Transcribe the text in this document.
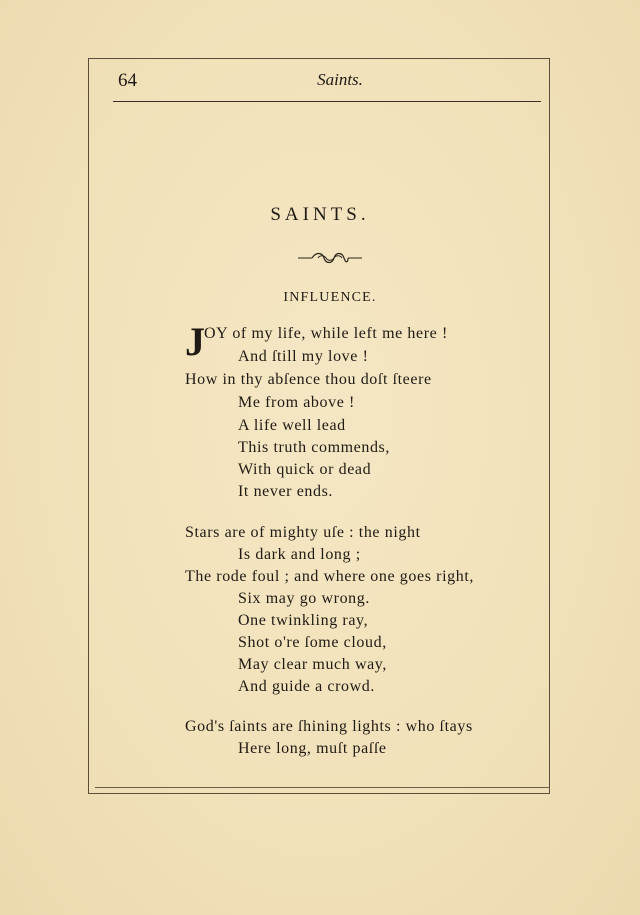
64	Saints.
SAINTS.
INFLUENCE.
J OY of my life, while left me here !
And ſtill my love !
How in thy abſence thou doſt ſteere
Me from above !
A life well lead
This truth commends,
With quick or dead
It never ends.
Stars are of mighty uſe : the night
Is dark and long ;
The rode foul ; and where one goes right,
Six may go wrong.
One twinkling ray,
Shot o're ſome cloud,
May clear much way,
And guide a crowd.
God's ſaints are ſhining lights : who ſtays
Here long, muſt paſſe
